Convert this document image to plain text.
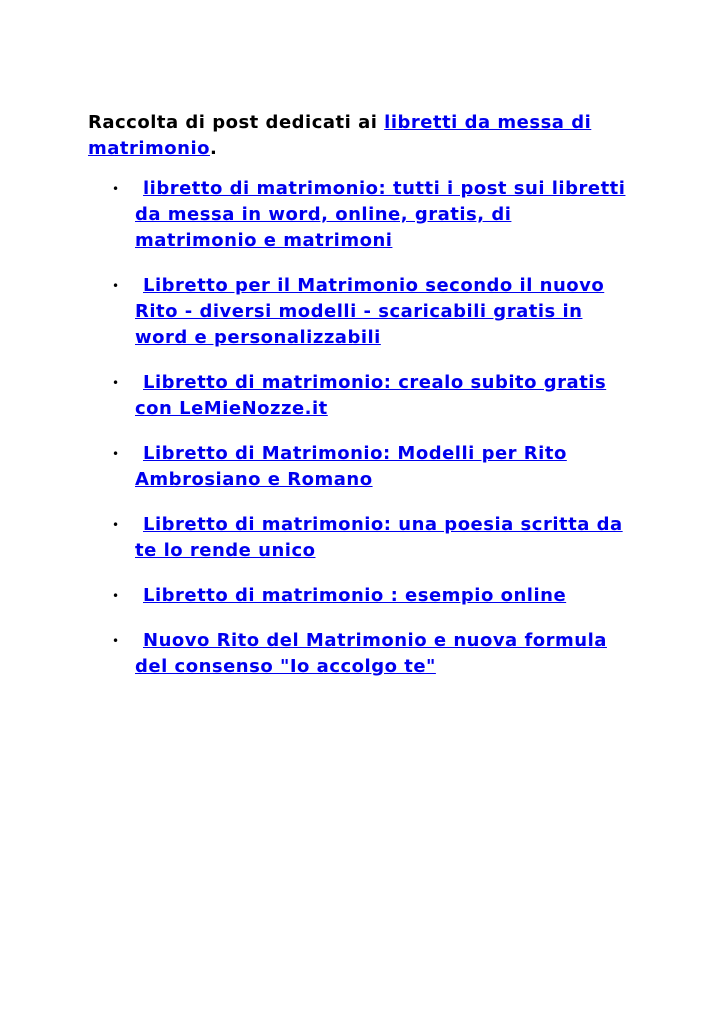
Raccolta di post dedicati ai libretti da messa di matrimonio.

• libretto di matrimonio: tutti i post sui libretti da messa in word, online, gratis, di matrimonio e matrimoni
• Libretto per il Matrimonio secondo il nuovo Rito - diversi modelli - scaricabili gratis in word e personalizzabili
• Libretto di matrimonio: crealo subito gratis con LeMieNozze.it
• Libretto di Matrimonio: Modelli per Rito Ambrosiano e Romano
• Libretto di matrimonio: una poesia scritta da te lo rende unico
• Libretto di matrimonio : esempio online
• Nuovo Rito del Matrimonio e nuova formula del consenso "Io accolgo te"
